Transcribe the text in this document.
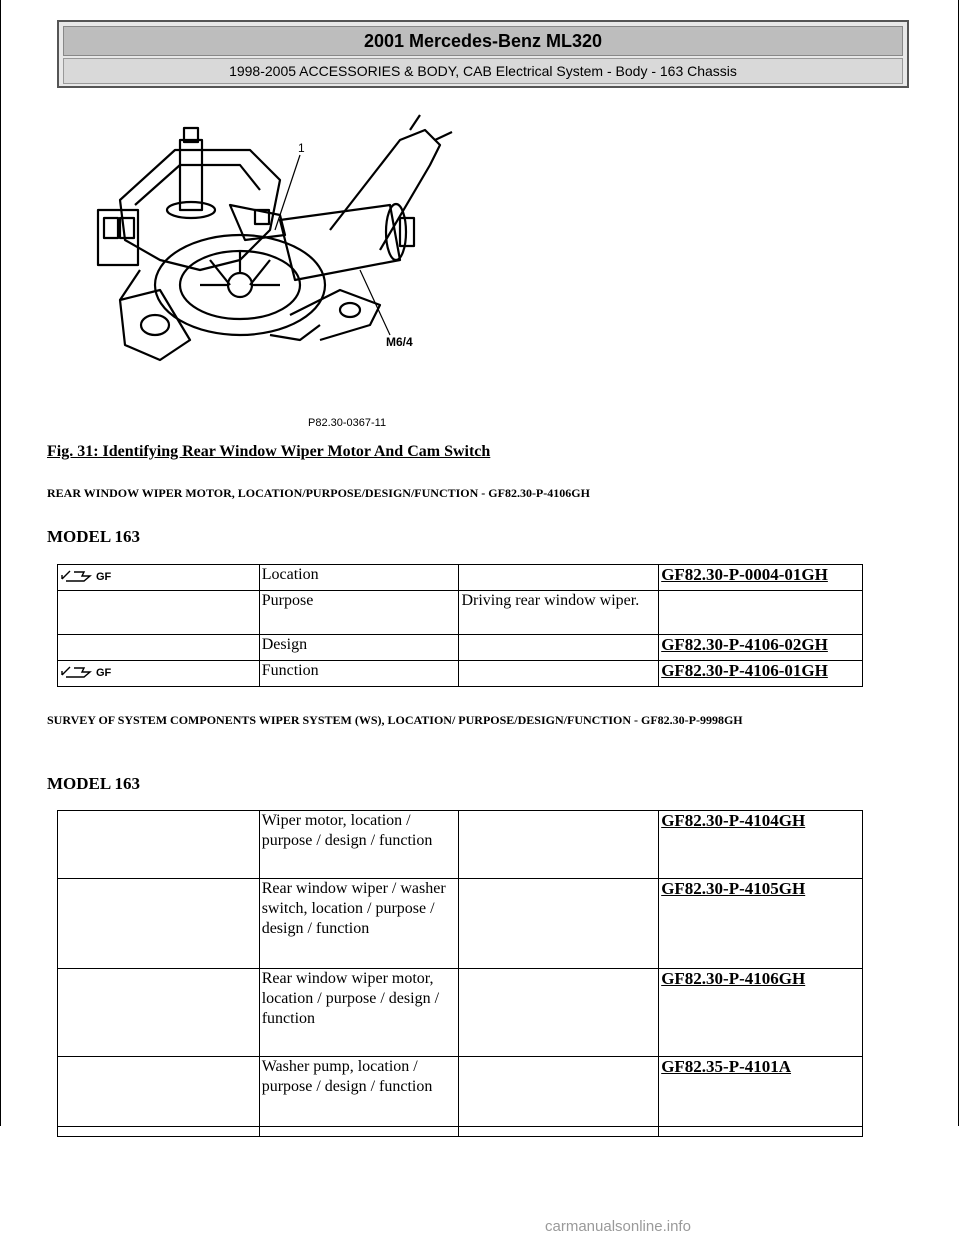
2001 Mercedes-Benz ML320
1998-2005 ACCESSORIES & BODY, CAB Electrical System - Body - 163 Chassis
1
M6/4
P82.30-0367-11
Fig. 31: Identifying Rear Window Wiper Motor And Cam Switch
REAR WINDOW WIPER MOTOR, LOCATION/PURPOSE/DESIGN/FUNCTION - GF82.30-P-4106GH
MODEL 163
GF	Location		GF82.30-P-0004-01GH
	Purpose	Driving rear window wiper.	
	Design		GF82.30-P-4106-02GH

GF	Function		GF82.30-P-4106-01GH
SURVEY OF SYSTEM COMPONENTS WIPER SYSTEM (WS), LOCATION/ PURPOSE/DESIGN/FUNCTION - GF82.30-P-9998GH
MODEL 163
	Wiper motor, location / purpose / design / function		GF82.30-P-4104GH
	Rear window wiper / washer switch, location / purpose / design / function		GF82.30-P-4105GH
	Rear window wiper motor, location / purpose / design / function		GF82.30-P-4106GH
	Washer pump, location / purpose / design / function		GF82.35-P-4101A

carmanualsonline.info
